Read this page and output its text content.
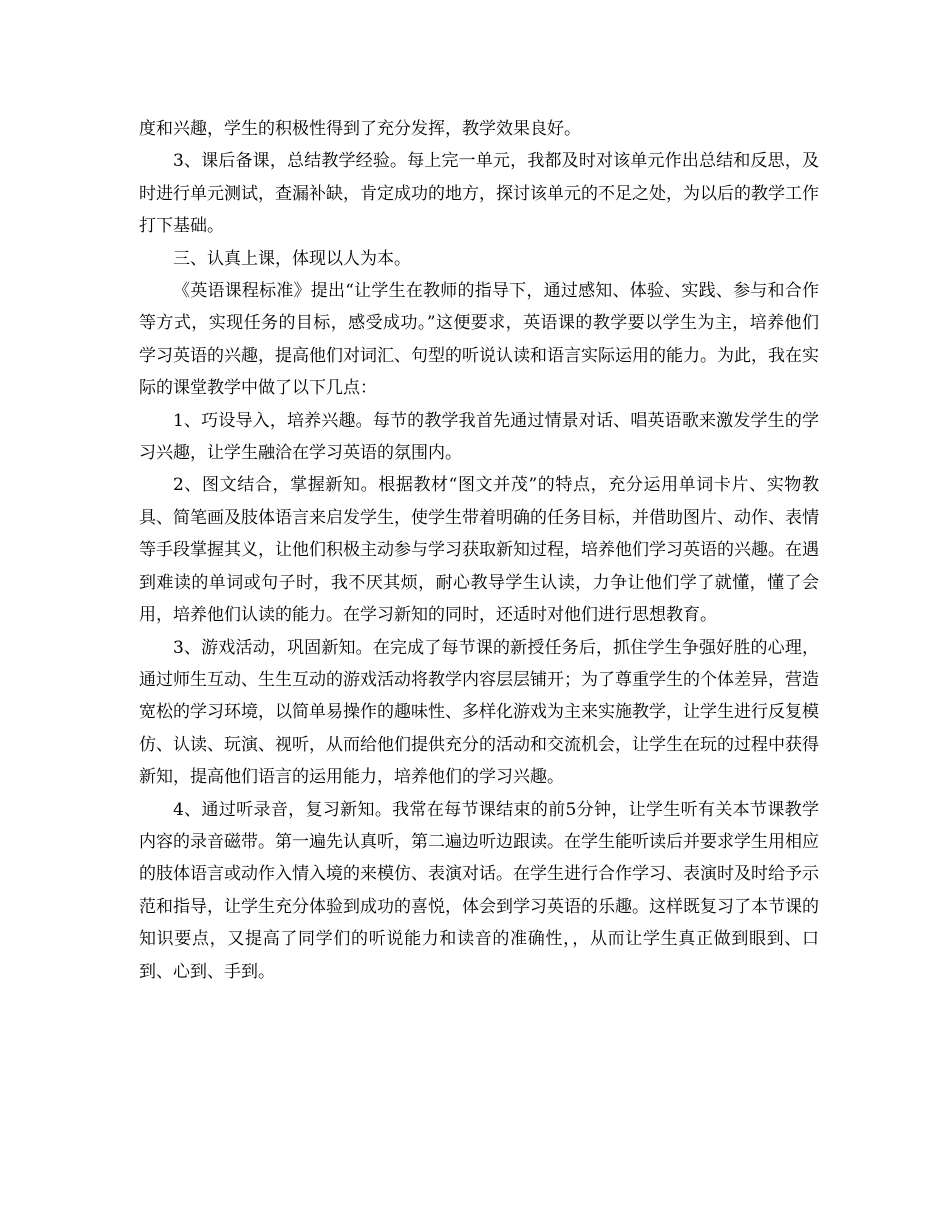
度和兴趣，学生的积极性得到了充分发挥，教学效果良好。

3、课后备课，总结教学经验。每上完一单元，我都及时对该单元作出总结和反思，及时进行单元测试，查漏补缺，肯定成功的地方，探讨该单元的不足之处，为以后的教学工作打下基础。

三、认真上课，体现以人为本。

《英语课程标准》提出“让学生在教师的指导下，通过感知、体验、实践、参与和合作等方式，实现任务的目标，感受成功。”这便要求，英语课的教学要以学生为主，培养他们学习英语的兴趣，提高他们对词汇、句型的听说认读和语言实际运用的能力。为此，我在实际的课堂教学中做了以下几点：

1、巧设导入，培养兴趣。每节的教学我首先通过情景对话、唱英语歌来激发学生的学习兴趣，让学生融洽在学习英语的氛围内。

2、图文结合，掌握新知。根据教材“图文并茂”的特点，充分运用单词卡片、实物教具、简笔画及肢体语言来启发学生，使学生带着明确的任务目标，并借助图片、动作、表情等手段掌握其义，让他们积极主动参与学习获取新知过程，培养他们学习英语的兴趣。在遇到难读的单词或句子时，我不厌其烦，耐心教导学生认读，力争让他们学了就懂，懂了会用，培养他们认读的能力。在学习新知的同时，还适时对他们进行思想教育。

3、游戏活动，巩固新知。在完成了每节课的新授任务后，抓住学生争强好胜的心理，通过师生互动、生生互动的游戏活动将教学内容层层铺开；为了尊重学生的个体差异，营造宽松的学习环境，以简单易操作的趣味性、多样化游戏为主来实施教学，让学生进行反复模仿、认读、玩演、视听，从而给他们提供充分的活动和交流机会，让学生在玩的过程中获得新知，提高他们语言的运用能力，培养他们的学习兴趣。

4、通过听录音，复习新知。我常在每节课结束的前5分钟，让学生听有关本节课教学内容的录音磁带。第一遍先认真听，第二遍边听边跟读。在学生能听读后并要求学生用相应的肢体语言或动作入情入境的来模仿、表演对话。在学生进行合作学习、表演时及时给予示范和指导，让学生充分体验到成功的喜悦，体会到学习英语的乐趣。这样既复习了本节课的知识要点，又提高了同学们的听说能力和读音的准确性，，从而让学生真正做到眼到、口到、心到、手到。
